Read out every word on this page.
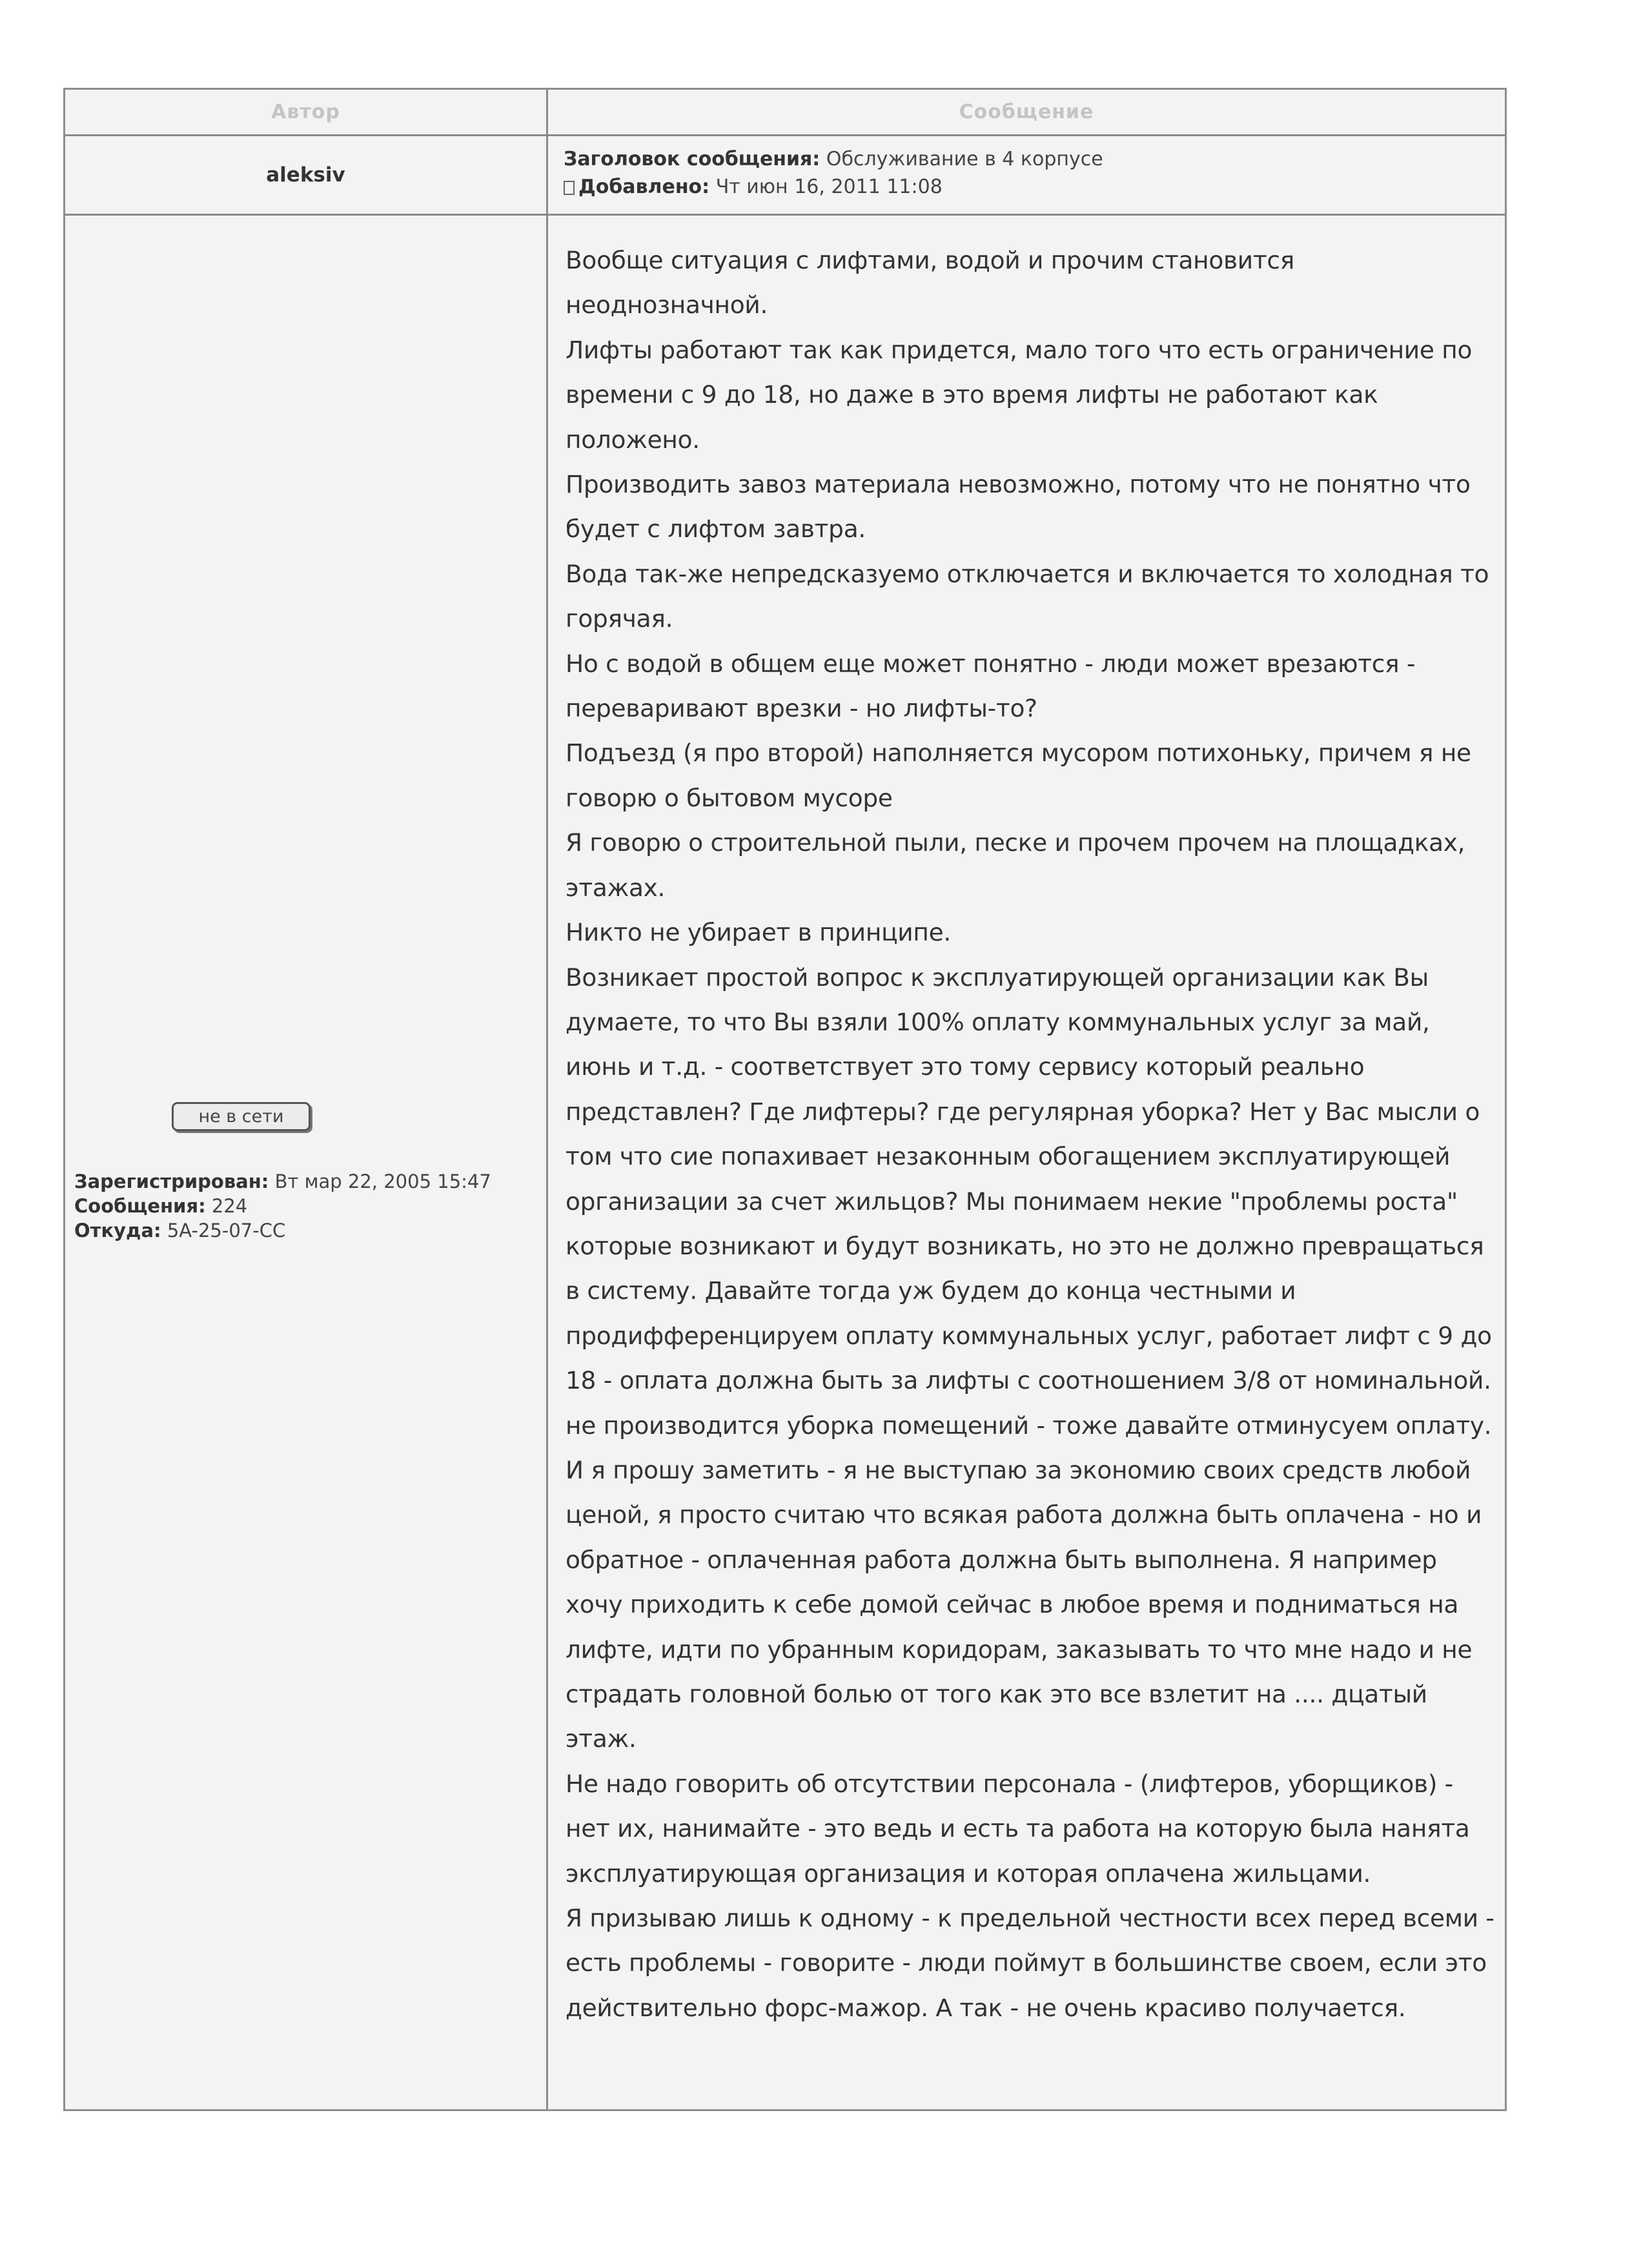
Автор	Сообщение
aleksiv
Заголовок сообщения: Обслуживание в 4 корпусе
Добавлено: Чт июн 16, 2011 11:08
не в сети
Зарегистрирован: Вт мар 22, 2005 15:47
Сообщения: 224
Откуда: 5A-25-07-CC

Вообще ситуация с лифтами, водой и прочим становится неоднозначной.

Лифты работают так как придется, мало того что есть ограничение по времени с 9 до 18, но даже в это время лифты не работают как положено.

Производить завоз материала невозможно, потому что не понятно что будет с лифтом завтра.

Вода так-же непредсказуемо отключается и включается то холодная то горячая.

Но с водой в общем еще может понятно - люди может врезаются - переваривают врезки - но лифты-то?

Подъезд (я про второй) наполняется мусором потихоньку, причем я не говорю о бытовом мусоре

Я говорю о строительной пыли, песке и прочем прочем на площадках, этажах.

Никто не убирает в принципе.

Возникает простой вопрос к эксплуатирующей организации как Вы думаете, то что Вы взяли 100% оплату коммунальных услуг за май, июнь и т.д. - соответствует это тому сервису который реально представлен? Где лифтеры? где регулярная уборка? Нет у Вас мысли о том что сие попахивает незаконным обогащением эксплуатирующей организации за счет жильцов? Мы понимаем некие "проблемы роста" которые возникают и будут возникать, но это не должно превращаться в систему. Давайте тогда уж будем до конца честными и продифференцируем оплату коммунальных услуг, работает лифт с 9 до 18 - оплата должна быть за лифты с соотношением 3/8 от номинальной. не производится уборка помещений - тоже давайте отминусуем оплату. И я прошу заметить - я не выступаю за экономию своих средств любой ценой, я просто считаю что всякая работа должна быть оплачена - но и обратное - оплаченная работа должна быть выполнена. Я например хочу приходить к себе домой сейчас в любое время и подниматься на лифте, идти по убранным коридорам, заказывать то что мне надо и не страдать головной болью от того как это все взлетит на .... дцатый этаж.

Не надо говорить об отсутствии персонала - (лифтеров, уборщиков) - нет их, нанимайте - это ведь и есть та работа на которую была нанята эксплуатирующая организация и которая оплачена жильцами.

Я призываю лишь к одному - к предельной честности всех перед всеми - есть проблемы - говорите - люди поймут в большинстве своем, если это действительно форс-мажор. А так - не очень красиво получается.
